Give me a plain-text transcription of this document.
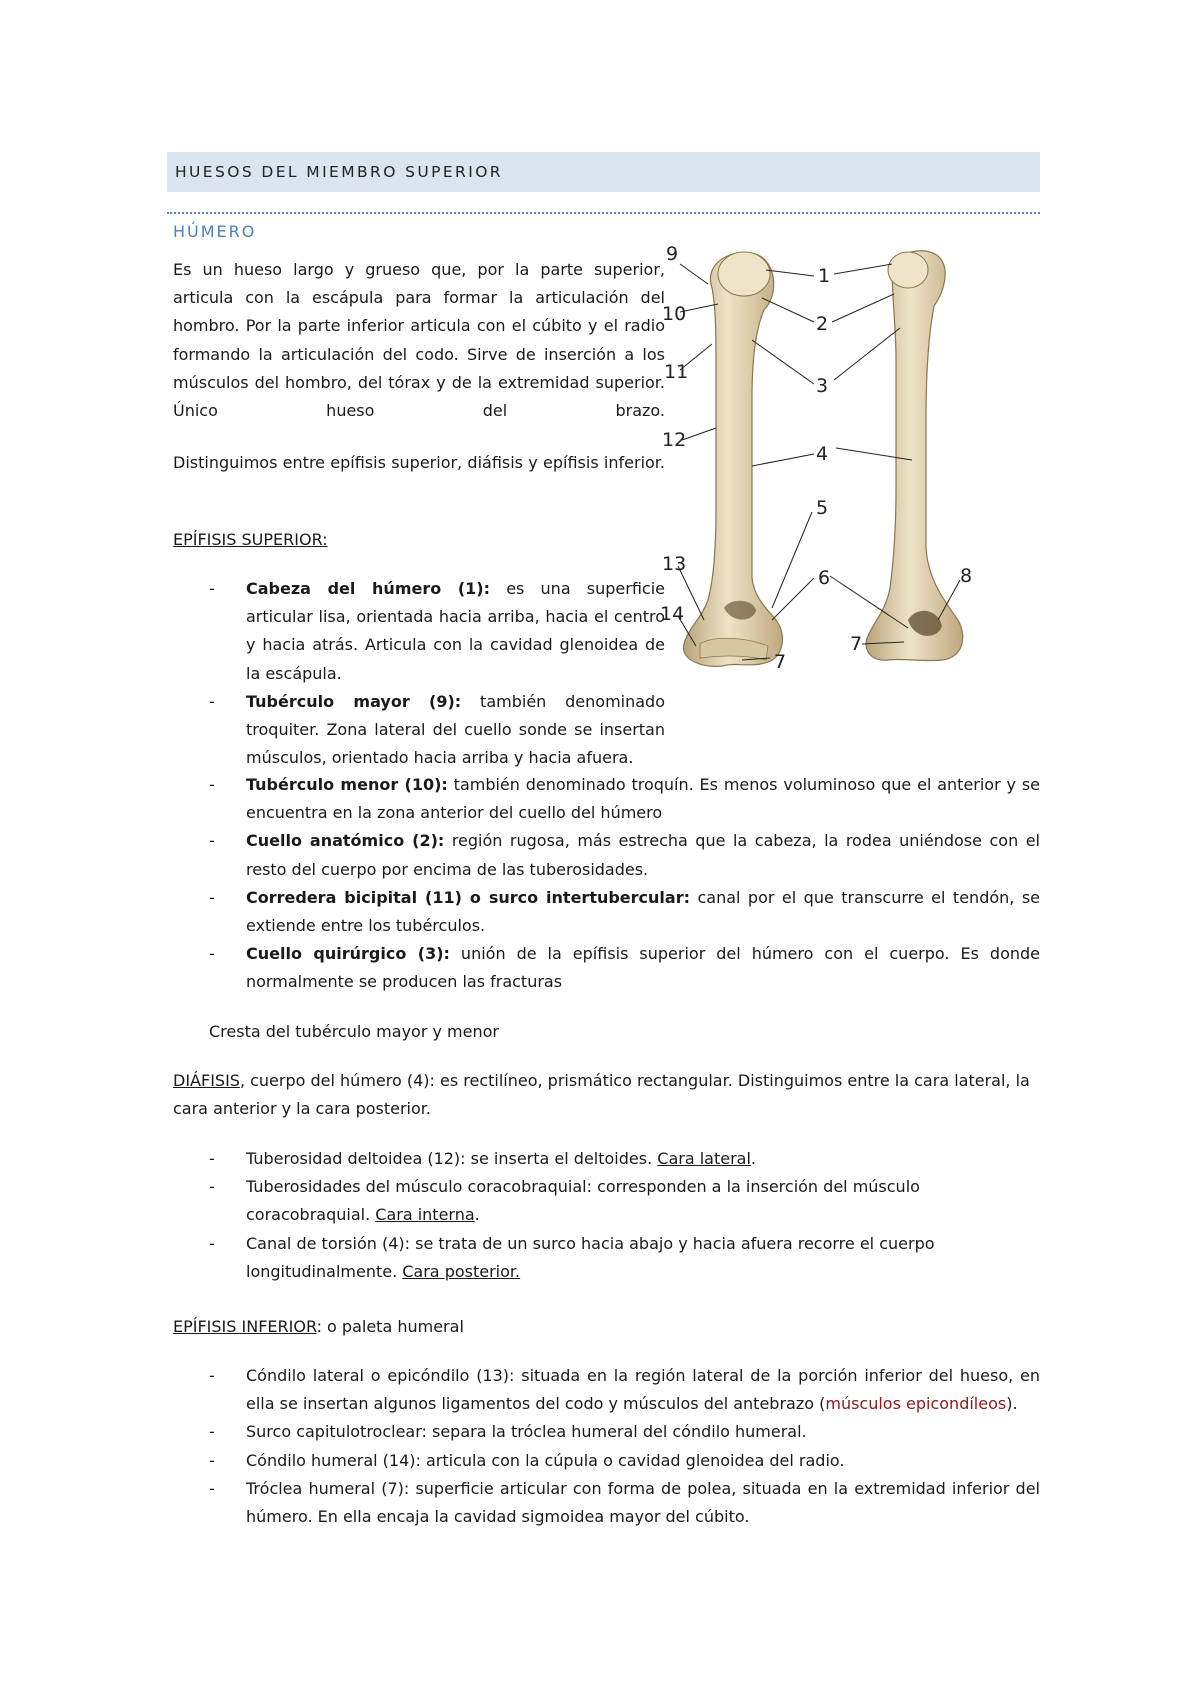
HUESOS DEL MIEMBRO SUPERIOR
HÚMERO
Es un hueso largo y grueso que, por la parte superior, articula con la escápula para formar la articulación del hombro. Por la parte inferior articula con el cúbito y el radio formando la articulación del codo. Sirve de inserción a los músculos del hombro, del tórax y de la extremidad superior. Único hueso del brazo.
Distinguimos entre epífisis superior, diáfisis y epífisis inferior.
EPÍFISIS SUPERIOR:
- Cabeza del húmero (1): es una superficie articular lisa, orientada hacia arriba, hacia el centro y hacia atrás. Articula con la cavidad glenoidea de la escápula.
- Tubérculo mayor (9): también denominado troquiter. Zona lateral del cuello sonde se insertan músculos, orientado hacia arriba y hacia afuera.
- Tubérculo menor (10): también denominado troquín. Es menos voluminoso que el anterior y se encuentra en la zona anterior del cuello del húmero
- Cuello anatómico (2): región rugosa, más estrecha que la cabeza, la rodea uniéndose con el resto del cuerpo por encima de las tuberosidades.
- Corredera bicipital (11) o surco intertubercular: canal por el que transcurre el tendón, se extiende entre los tubérculos.
- Cuello quirúrgico (3): unión de la epífisis superior del húmero con el cuerpo. Es donde normalmente se producen las fracturas
Cresta del tubérculo mayor y menor
DIÁFISIS, cuerpo del húmero (4): es rectilíneo, prismático rectangular. Distinguimos entre la cara lateral, la cara anterior y la cara posterior.
- Tuberosidad deltoidea (12): se inserta el deltoides. Cara lateral.
- Tuberosidades del músculo coracobraquial: corresponden a la inserción del músculo coracobraquial. Cara interna.
- Canal de torsión (4): se trata de un surco hacia abajo y hacia afuera recorre el cuerpo longitudinalmente. Cara posterior.
EPÍFISIS INFERIOR: o paleta humeral
- Cóndilo lateral o epicóndilo (13): situada en la región lateral de la porción inferior del hueso, en ella se insertan algunos ligamentos del codo y músculos del antebrazo (músculos epicondíleos).
- Surco capitulotroclear: separa la tróclea humeral del cóndilo humeral.
- Cóndilo humeral (14): articula con la cúpula o cavidad glenoidea del radio.
- Tróclea humeral (7): superficie articular con forma de polea, situada en la extremidad inferior del húmero. En ella encaja la cavidad sigmoidea mayor del cúbito.
9
10
11
12
13
14
1
2
3
4
5
6
7
8
7
